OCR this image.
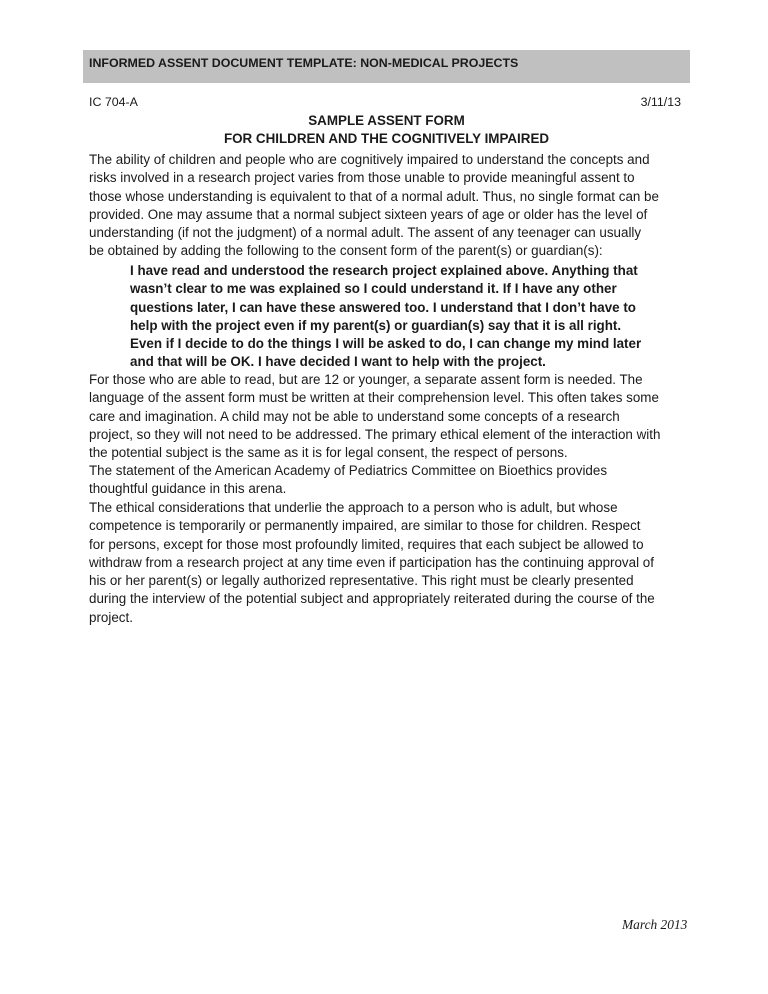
INFORMED ASSENT DOCUMENT TEMPLATE: NON-MEDICAL PROJECTS
IC 704-A	3/11/13
SAMPLE ASSENT FORM
FOR CHILDREN AND THE COGNITIVELY IMPAIRED
The ability of children and people who are cognitively impaired to understand the concepts and
risks involved in a research project varies from those unable to provide meaningful assent to
those whose understanding is equivalent to that of a normal adult. Thus, no single format can be
provided. One may assume that a normal subject sixteen years of age or older has the level of
understanding (if not the judgment) of a normal adult. The assent of any teenager can usually
be obtained by adding the following to the consent form of the parent(s) or guardian(s):
I have read and understood the research project explained above. Anything that
wasn’t clear to me was explained so I could understand it. If I have any other
questions later, I can have these answered too. I understand that I don’t have to
help with the project even if my parent(s) or guardian(s) say that it is all right.
Even if I decide to do the things I will be asked to do, I can change my mind later
and that will be OK. I have decided I want to help with the project.
For those who are able to read, but are 12 or younger, a separate assent form is needed. The
language of the assent form must be written at their comprehension level. This often takes some
care and imagination. A child may not be able to understand some concepts of a research
project, so they will not need to be addressed. The primary ethical element of the interaction with
the potential subject is the same as it is for legal consent, the respect of persons.
The statement of the American Academy of Pediatrics Committee on Bioethics provides
thoughtful guidance in this arena.
The ethical considerations that underlie the approach to a person who is adult, but whose
competence is temporarily or permanently impaired, are similar to those for children. Respect
for persons, except for those most profoundly limited, requires that each subject be allowed to
withdraw from a research project at any time even if participation has the continuing approval of
his or her parent(s) or legally authorized representative. This right must be clearly presented
during the interview of the potential subject and appropriately reiterated during the course of the
project.
March 2013
